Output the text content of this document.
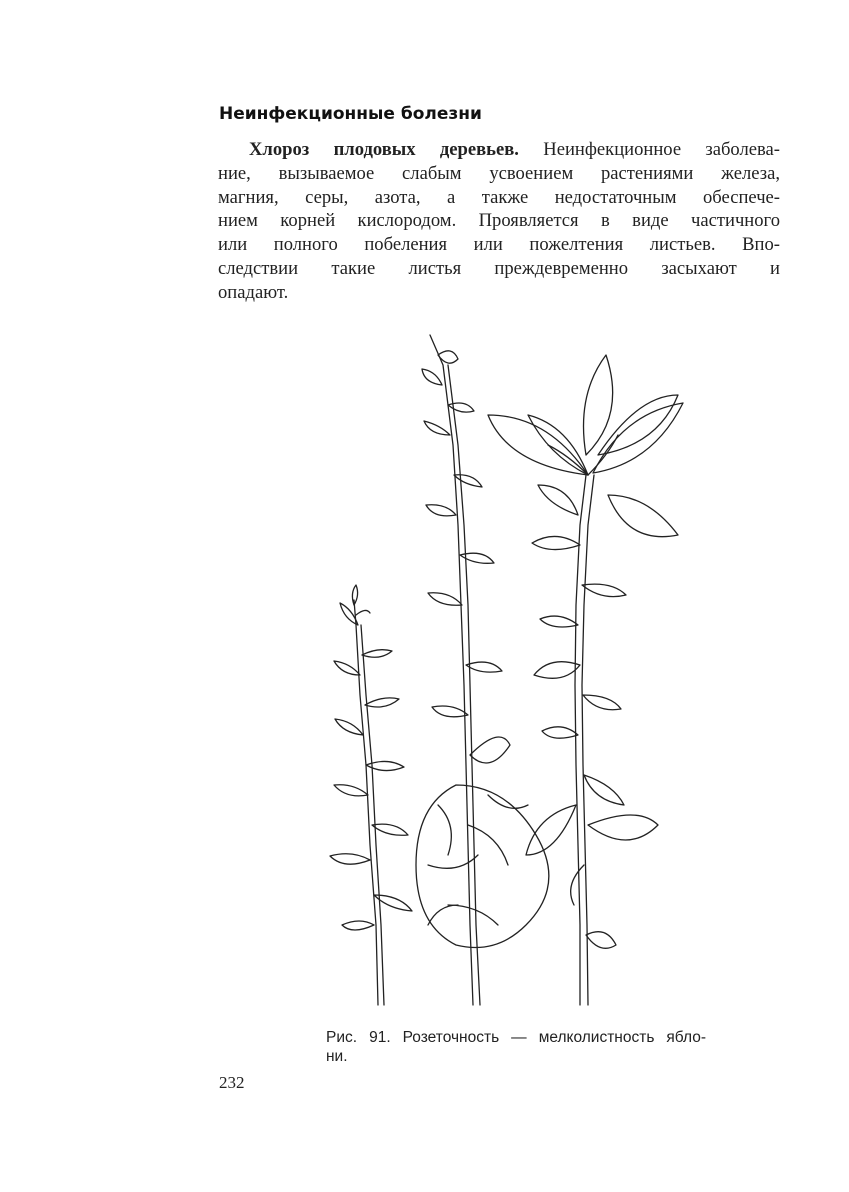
Неинфекционные болезни
Хлороз плодовых деревьев. Неинфекционное заболева-
ние, вызываемое слабым усвоением растениями железа,
магния, серы, азота, а также недостаточным обеспече-
нием корней кислородом. Проявляется в виде частичного
или полного побеления или пожелтения листьев. Впо-
следствии такие листья преждевременно засыхают и
опадают.
Рис. 91. Розеточность — мелколистность ябло-
ни.
232
